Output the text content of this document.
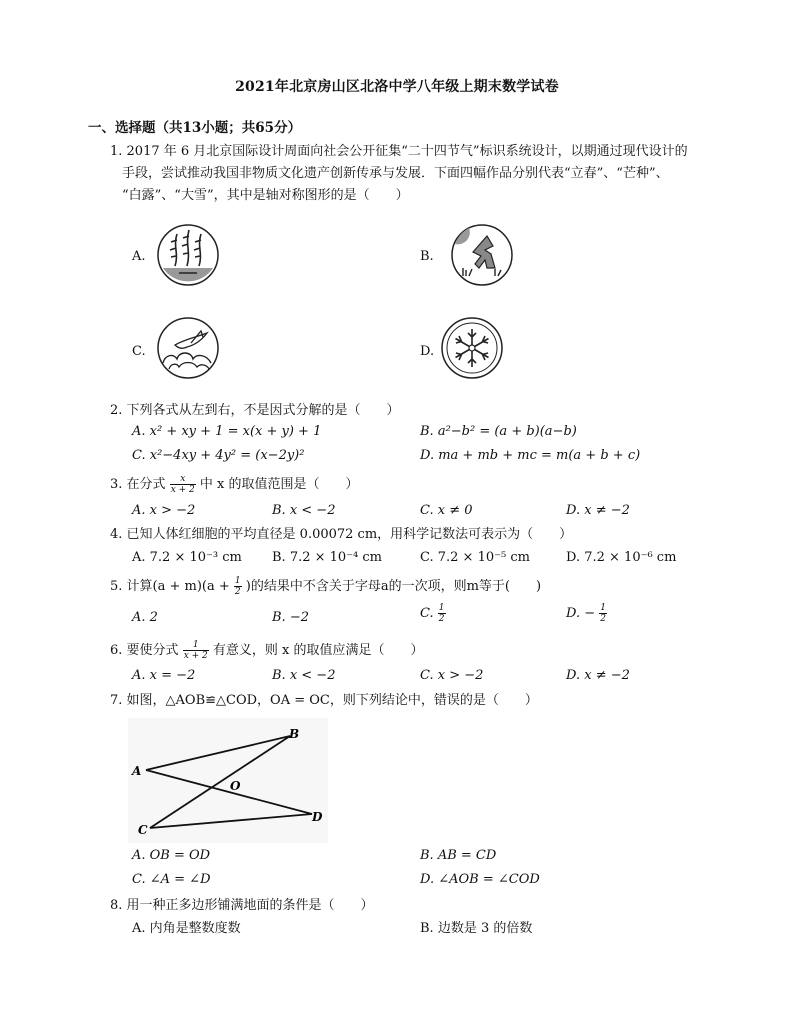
2021年北京房山区北洛中学八年级上期末数学试卷
一、选择题（共13小题；共65分）
1. 2017 年 6 月北京国际设计周面向社会公开征集“二十四节气”标识系统设计，以期通过现代设计的
手段，尝试推动我国非物质文化遗产创新传承与发展．下面四幅作品分别代表“立春”、“芒种”、
“白露”、“大雪”，其中是轴对称图形的是（　　）
A.	B.
C.	D.
2. 下列各式从左到右，不是因式分解的是（　　）
A. x² + xy + 1 = x(x + y) + 1	B. a²−b² = (a + b)(a−b)
C. x²−4xy + 4y² = (x−2y)²	D. ma + mb + mc = m(a + b + c)
3. 在分式 $\frac{x}{x + 2}$ 中 x 的取值范围是（　　）
A. x > −2	B. x < −2	C. x ≠ 0	D. x ≠ −2
4. 已知人体红细胞的平均直径是 0.00072 cm，用科学记数法可表示为（　　）
A. 7.2 × 10⁻³ cm B. 7.2 × 10⁻⁴ cm	C. 7.2 × 10⁻⁵ cm	D. 7.2 × 10⁻⁶ cm
5. 计算$(a + m)(a + \frac{1}{2}$ )的结果中不含关于字母a的一次项，则m等于(　　)
A. 2	B. −2	C. $\frac{1}{2}$	D. − $\frac{1}{2}$
6. 要使分式 $\frac{1}{x + 2}$ 有意义，则 x 的取值应满足（　　）
A. x = −2	B. x < −2	C. x > −2	D. x ≠ −2
7. 如图，△AOB≌△COD，OA = OC，则下列结论中，错误的是（　　）
A
B
C
D
O
A. OB = OD	B. AB = CD
C. ∠A = ∠D	D. ∠AOB = ∠COD
8. 用一种正多边形铺满地面的条件是（　　）
A. 内角是整数度数	B. 边数是 3 的倍数
